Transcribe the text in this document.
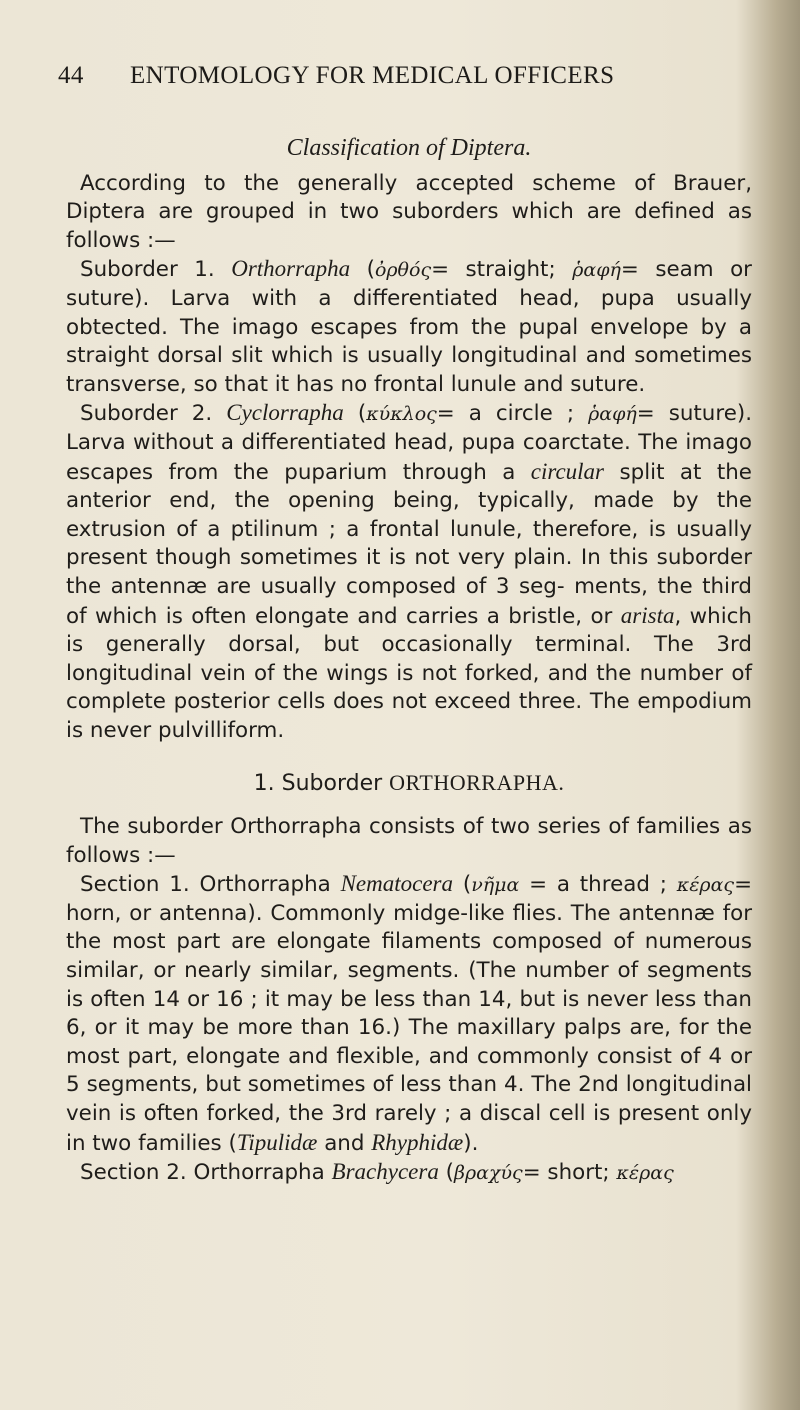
44 ENTOMOLOGY FOR MEDICAL OFFICERS

Classification of Diptera.

According to the generally accepted scheme of Brauer, Diptera are grouped in two suborders which are defined as follows :—

Suborder 1. Orthorrapha (ὀρθός= straight; ῥαφή= seam or suture). Larva with a differentiated head, pupa usually obtected. The imago escapes from the pupal envelope by a straight dorsal slit which is usually longitudinal and sometimes transverse, so that it has no frontal lunule and suture.

Suborder 2. Cyclorrapha (κύκλος= a circle ; ῥαφή= suture). Larva without a differentiated head, pupa coarctate. The imago escapes from the puparium through a circular split at the anterior end, the opening being, typically, made by the extrusion of a ptilinum ; a frontal lunule, therefore, is usually present though sometimes it is not very plain. In this suborder the antennæ are usually composed of 3 seg- ments, the third of which is often elongate and carries a bristle, or arista, which is generally dorsal, but occasionally terminal. The 3rd longitudinal vein of the wings is not forked, and the number of complete posterior cells does not exceed three. The empodium is never pulvilliform.

1. Suborder ORTHORRAPHA.

The suborder Orthorrapha consists of two series of families as follows :—

Section 1. Orthorrapha Nematocera (νῆμα = a thread ; κέρας= horn, or antenna). Commonly midge-like flies. The antennæ for the most part are elongate filaments composed of numerous similar, or nearly similar, segments. (The number of segments is often 14 or 16 ; it may be less than 14, but is never less than 6, or it may be more than 16.) The maxillary palps are, for the most part, elongate and flexible, and commonly consist of 4 or 5 segments, but sometimes of less than 4. The 2nd longitudinal vein is often forked, the 3rd rarely ; a discal cell is present only in two families (Tipulidæ and Rhyphidæ).

Section 2. Orthorrapha Brachycera (βραχύς= short; κέρας
